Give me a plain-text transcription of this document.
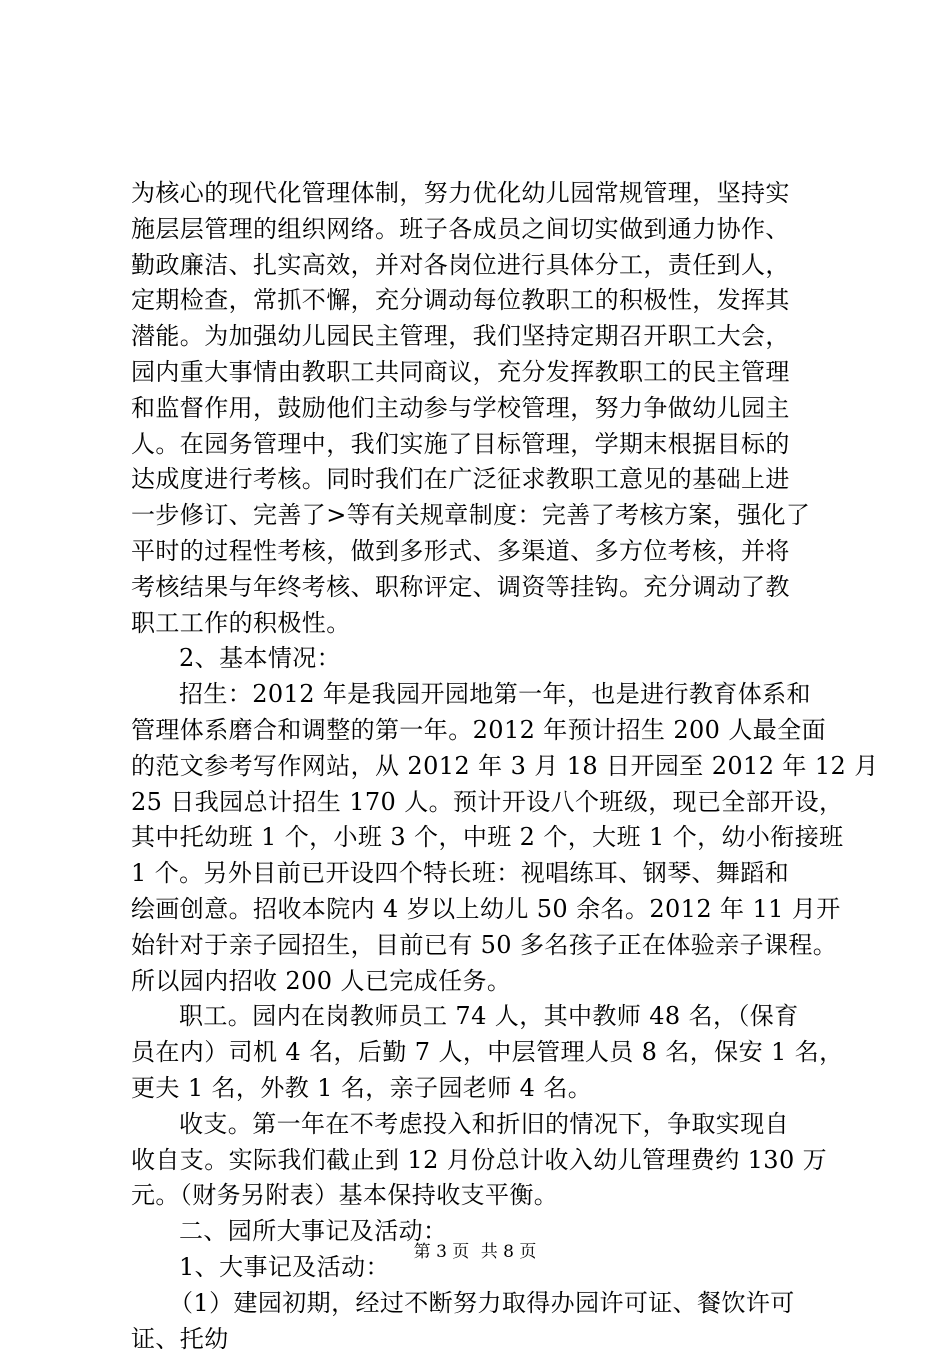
为核心的现代化管理体制，努力优化幼儿园常规管理，坚持实
施层层管理的组织网络。班子各成员之间切实做到通力协作、
勤政廉洁、扎实高效，并对各岗位进行具体分工，责任到人，
定期检查，常抓不懈，充分调动每位教职工的积极性，发挥其
潜能。为加强幼儿园民主管理，我们坚持定期召开职工大会，
园内重大事情由教职工共同商议，充分发挥教职工的民主管理
和监督作用，鼓励他们主动参与学校管理，努力争做幼儿园主
人。在园务管理中，我们实施了目标管理，学期末根据目标的
达成度进行考核。同时我们在广泛征求教职工意见的基础上进
一步修订、完善了>等有关规章制度：完善了考核方案，强化了
平时的过程性考核，做到多形式、多渠道、多方位考核，并将
考核结果与年终考核、职称评定、调资等挂钩。充分调动了教
职工工作的积极性。
2、基本情况：
招生：2012 年是我园开园地第一年，也是进行教育体系和
管理体系磨合和调整的第一年。2012 年预计招生 200 人最全面
的范文参考写作网站，从 2012 年 3 月 18 日开园至 2012 年 12 月
25 日我园总计招生 170 人。预计开设八个班级，现已全部开设，
其中托幼班 1 个，小班 3 个，中班 2 个，大班 1 个，幼小衔接班
1 个。另外目前已开设四个特长班：视唱练耳、钢琴、舞蹈和
绘画创意。招收本院内 4 岁以上幼儿 50 余名。2012 年 11 月开
始针对于亲子园招生，目前已有 50 多名孩子正在体验亲子课程。
所以园内招收 200 人已完成任务。
职工。园内在岗教师员工 74 人，其中教师 48 名，（保育
员在内）司机 4 名，后勤 7 人，中层管理人员 8 名，保安 1 名，
更夫 1 名，外教 1 名，亲子园老师 4 名。
收支。第一年在不考虑投入和折旧的情况下，争取实现自
收自支。实际我们截止到 12 月份总计收入幼儿管理费约 130 万
元。（财务另附表）基本保持收支平衡。
二、园所大事记及活动：
1、大事记及活动：
（1）建园初期，经过不断努力取得办园许可证、餐饮许可
证、托幼
第 3 页 共 8 页
